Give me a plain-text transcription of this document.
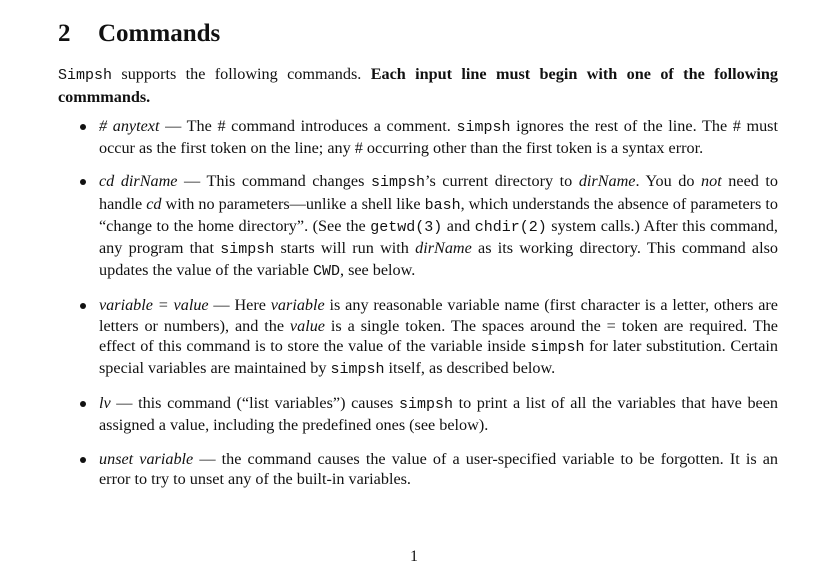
2 Commands

Simpsh supports the following commands. Each input line must begin with one of the following commmands.

# anytext — The # command introduces a comment. simpsh ignores the rest of the line. The # must occur as the first token on the line; any # occurring other than the first token is a syntax error.
cd dirName — This command changes simpsh’s current directory to dirName. You do not need to handle cd with no parameters—unlike a shell like bash, which understands the absence of parameters to “change to the home directory”. (See the getwd(3) and chdir(2) system calls.) After this command, any program that simpsh starts will run with dirName as its working directory. This command also updates the value of the variable CWD, see below.
variable = value — Here variable is any reasonable variable name (first character is a letter, others are letters or numbers), and the value is a single token. The spaces around the = token are required. The effect of this command is to store the value of the variable inside simpsh for later substitution. Certain special variables are maintained by simpsh itself, as described below.
lv — this command (“list variables”) causes simpsh to print a list of all the variables that have been assigned a value, including the predefined ones (see below).
unset variable — the command causes the value of a user-specified variable to be forgotten. It is an error to try to unset any of the built-in variables.
1
